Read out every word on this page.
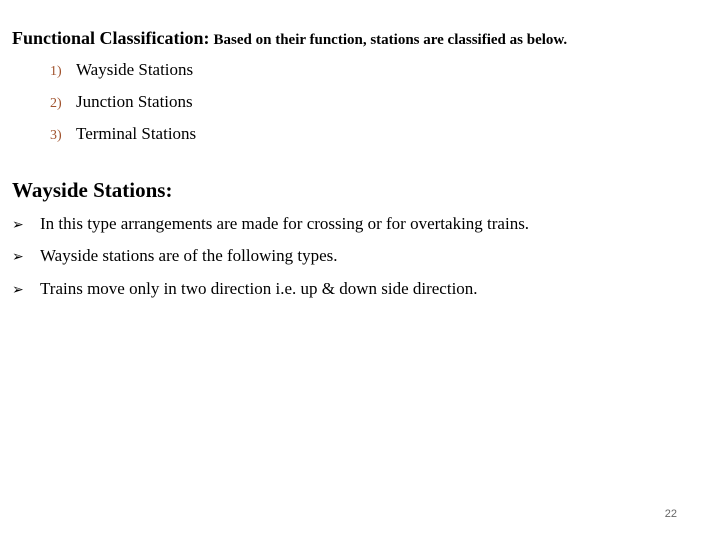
Functional Classification: Based on their function, stations are classified as below.
1) Wayside Stations
2) Junction Stations
3) Terminal Stations
Wayside Stations:
➢ In this type arrangements are made for crossing or for overtaking trains.
➢ Wayside stations are of the following types.
➢ Trains move only in two direction i.e. up & down side direction.
22
